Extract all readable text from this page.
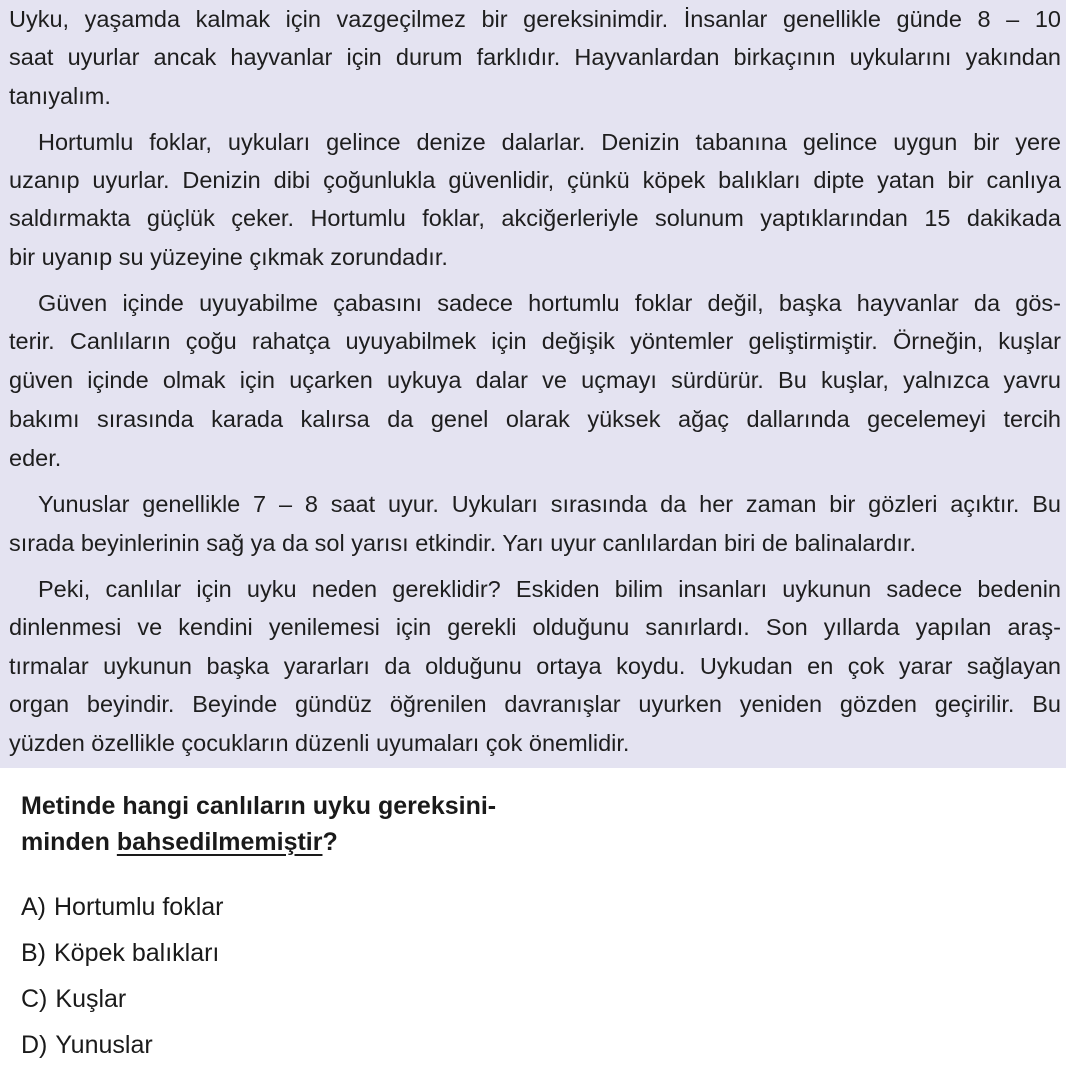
Uyku, yaşamda kalmak için vazgeçilmez bir gereksinimdir. İnsanlar genellikle günde 8 – 10
saat uyurlar ancak hayvanlar için durum farklıdır. Hayvanlardan birkaçının uykularını yakından
tanıyalım.
Hortumlu foklar, uykuları gelince denize dalarlar. Denizin tabanına gelince uygun bir yere
uzanıp uyurlar. Denizin dibi çoğunlukla güvenlidir, çünkü köpek balıkları dipte yatan bir canlıya
saldırmakta güçlük çeker. Hortumlu foklar, akciğerleriyle solunum yaptıklarından 15 dakikada
bir uyanıp su yüzeyine çıkmak zorundadır.
Güven içinde uyuyabilme çabasını sadece hortumlu foklar değil, başka hayvanlar da gös-
terir. Canlıların çoğu rahatça uyuyabilmek için değişik yöntemler geliştirmiştir. Örneğin, kuşlar
güven içinde olmak için uçarken uykuya dalar ve uçmayı sürdürür. Bu kuşlar, yalnızca yavru
bakımı sırasında karada kalırsa da genel olarak yüksek ağaç dallarında gecelemeyi tercih
eder.
Yunuslar genellikle 7 – 8 saat uyur. Uykuları sırasında da her zaman bir gözleri açıktır. Bu
sırada beyinlerinin sağ ya da sol yarısı etkindir. Yarı uyur canlılardan biri de balinalardır.
Peki, canlılar için uyku neden gereklidir? Eskiden bilim insanları uykunun sadece bedenin
dinlenmesi ve kendini yenilemesi için gerekli olduğunu sanırlardı. Son yıllarda yapılan araş-
tırmalar uykunun başka yararları da olduğunu ortaya koydu. Uykudan en çok yarar sağlayan
organ beyindir. Beyinde gündüz öğrenilen davranışlar uyurken yeniden gözden geçirilir. Bu
yüzden özellikle çocukların düzenli uyumaları çok önemlidir.
Metinde hangi canlıların uyku gereksini-
minden bahsedilmemiştir?
A) Hortumlu foklar
B) Köpek balıkları
C) Kuşlar
D) Yunuslar
